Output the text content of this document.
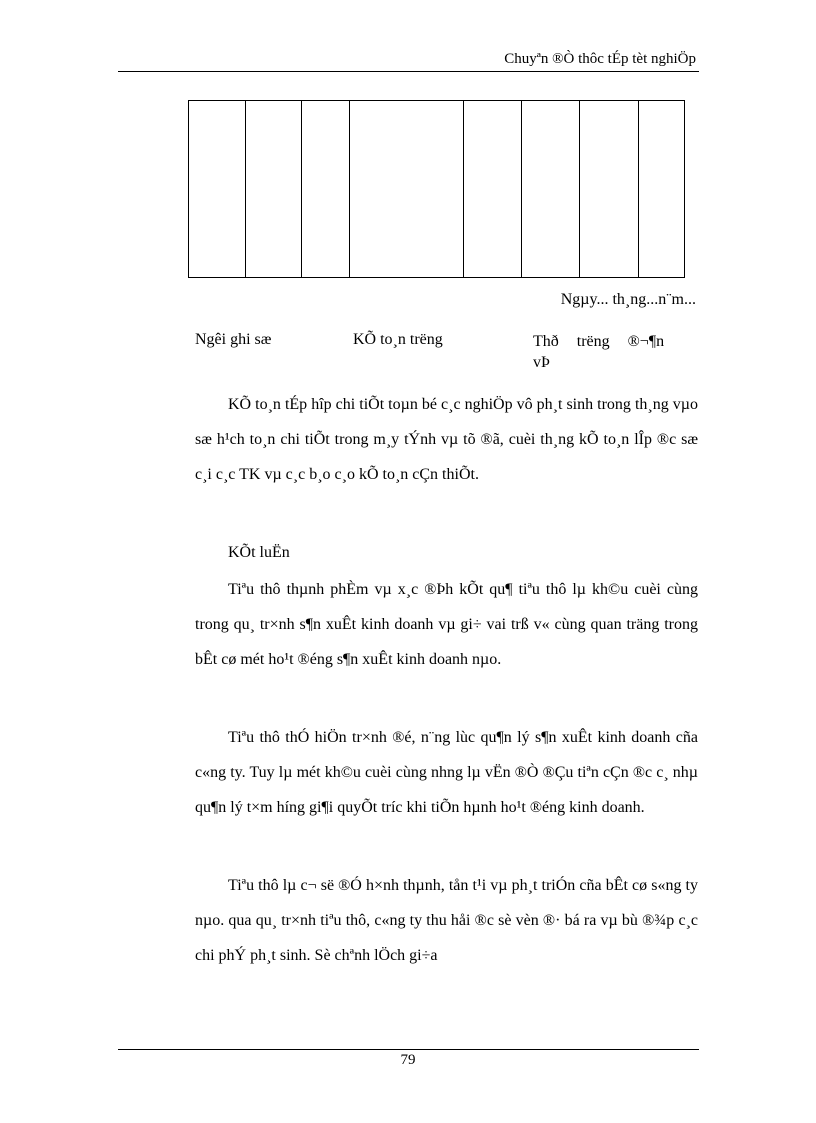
Chuyªn ®Ò thôc tÉp tèt nghiÖp

Ngµy... th¸ng...n¨m...
Ngêi ghi sæ	KÕ to¸n trëng	Thð trëng ®¬¶n vÞ

KÕ to¸n tÉp hîp chi tiÕt toµn bé c¸c nghiÖp vô ph¸t sinh trong th¸ng vµo sæ h¹ch to¸n chi tiÕt trong m¸y tÝnh vµ tõ ®ã, cuèi th¸ng kÕ to¸n lÎp ®c sæ c¸i c¸c TK vµ c¸c b¸o c¸o kÕ to¸n cÇn thiÕt.

KÕt luËn

Tiªu thô thµnh phÈm vµ x¸c ®Þh kÕt qu¶ tiªu thô lµ kh©u cuèi cùng trong qu¸ tr×nh s¶n xuÊt kinh doanh vµ gi÷ vai trß v« cùng quan träng trong bÊt cø mét ho¹t ®éng s¶n xuÊt kinh doanh nµo.

Tiªu thô thÓ hiÖn tr×nh ®é, n¨ng lùc qu¶n lý s¶n xuÊt kinh doanh cña c«ng ty. Tuy lµ mét kh©u cuèi cùng nhng lµ vËn ®Ò ®Çu tiªn cÇn ®c c¸ nhµ qu¶n lý t×m híng gi¶i quyÕt tríc khi tiÕn hµnh ho¹t ®éng kinh doanh.

Tiªu thô lµ c¬ së ®Ó h×nh thµnh, tån t¹i vµ ph¸t triÓn cña bÊt cø s«ng ty nµo. qua qu¸ tr×nh tiªu thô, c«ng ty thu håi ®c sè vèn ®· bá ra vµ bù ®¾p c¸c chi phÝ ph¸t sinh. Sè chªnh lÖch gi÷a

79
